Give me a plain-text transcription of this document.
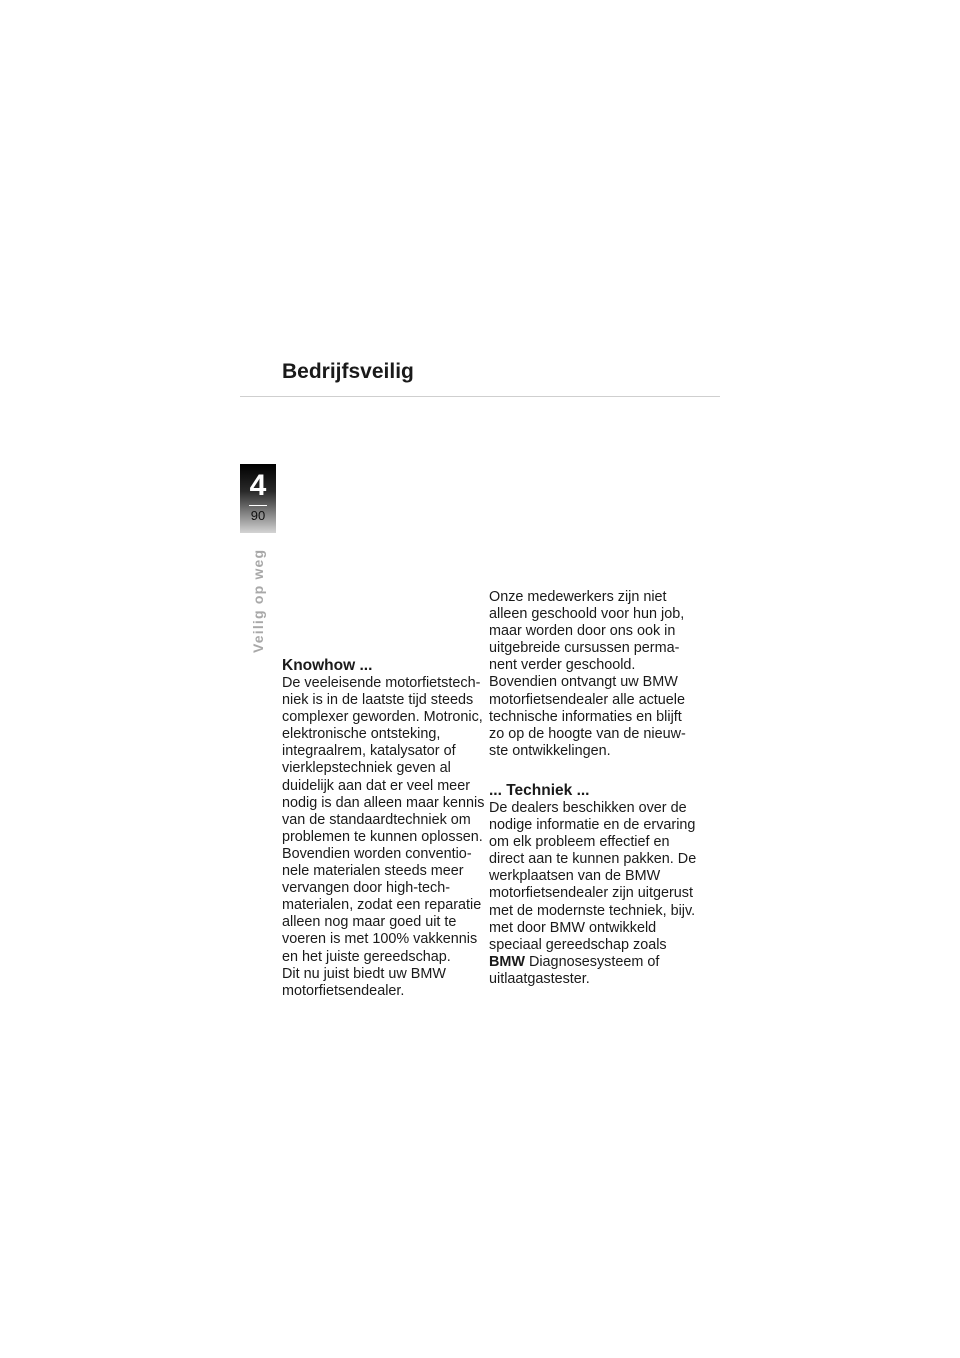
Bedrijfsveilig
4
90
Veilig op weg
Knowhow ...

De veeleisende motorfietstechniek is in de laatste tijd steeds complexer geworden. Motronic, elektronische ontsteking, integraalrem, katalysator of vierklepstechniek geven al duidelijk aan dat er veel meer nodig is dan alleen maar kennis van de standaardtechniek om problemen te kunnen oplossen. Bovendien worden conventionele materialen steeds meer vervangen door high-tech-materialen, zodat een reparatie alleen nog maar goed uit te voeren is met 100% vakkennis en het juiste gereedschap.

Dit nu juist biedt uw BMW motorfietsendealer.

Onze medewerkers zijn niet alleen geschoold voor hun job, maar worden door ons ook in uitgebreide cursussen permanent verder geschoold. Bovendien ontvangt uw BMW motorfietsendealer alle actuele technische informaties en blijft zo op de hoogte van de nieuwste ontwikkelingen.

... Techniek ...

De dealers beschikken over de nodige informatie en de ervaring om elk probleem effectief en direct aan te kunnen pakken. De werkplaatsen van de BMW motorfietsendealer zijn uitgerust met de modernste techniek, bijv. met door BMW ontwikkeld speciaal gereedschap zoals

BMW Diagnosesysteem of uitlaatgastester.
